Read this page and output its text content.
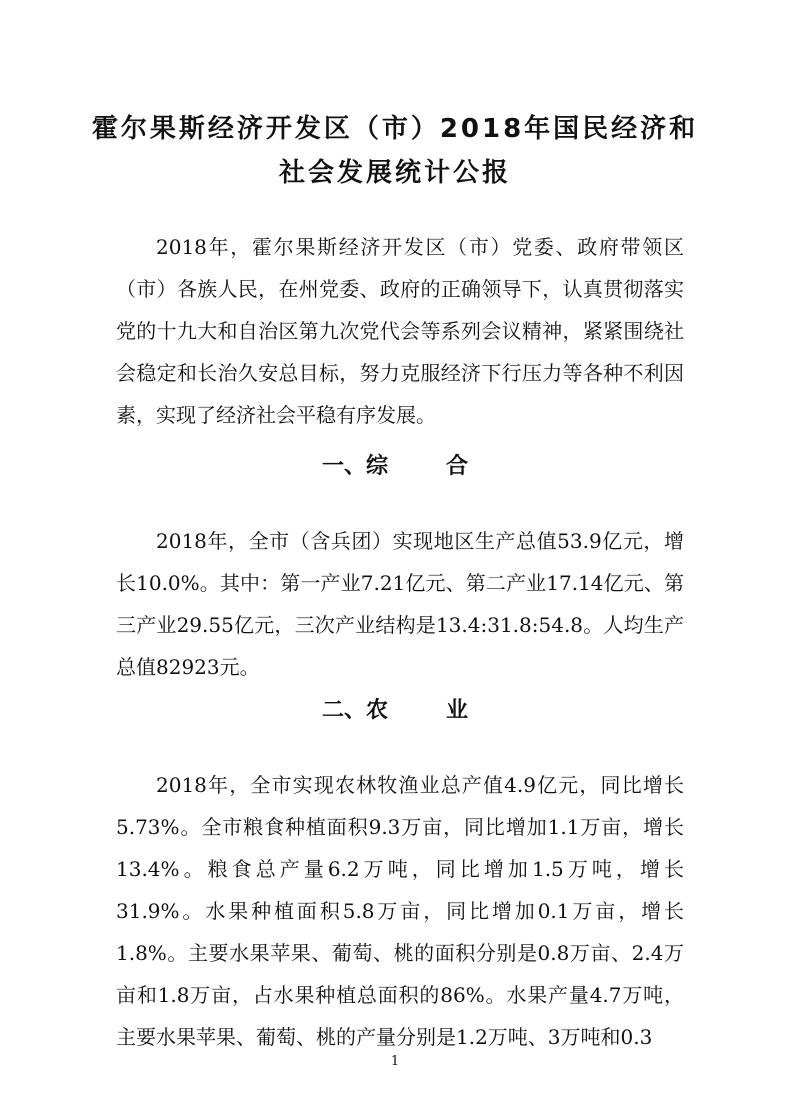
霍尔果斯经济开发区（市）2018年国民经济和
社会发展统计公报

2018年，霍尔果斯经济开发区（市）党委、政府带领区（市）各族人民，在州党委、政府的正确领导下，认真贯彻落实党的十九大和自治区第九次党代会等系列会议精神，紧紧围绕社会稳定和长治久安总目标，努力克服经济下行压力等各种不利因素，实现了经济社会平稳有序发展。

一、综	合

2018年，全市（含兵团）实现地区生产总值53.9亿元，增长10.0%。其中：第一产业7.21亿元、第二产业17.14亿元、第三产业29.55亿元，三次产业结构是13.4:31.8:54.8。人均生产总值82923元。

二、农	业

2018年，全市实现农林牧渔业总产值4.9亿元，同比增长5.73%。全市粮食种植面积9.3万亩，同比增加1.1万亩，增长13.4%。粮食总产量6.2万吨，同比增加1.5万吨，增长31.9%。水果种植面积5.8万亩，同比增加0.1万亩，增长1.8%。主要水果苹果、葡萄、桃的面积分别是0.8万亩、2.4万亩和1.8万亩，占水果种植总面积的86%。水果产量4.7万吨，主要水果苹果、葡萄、桃的产量分别是1.2万吨、3万吨和0.3

1
